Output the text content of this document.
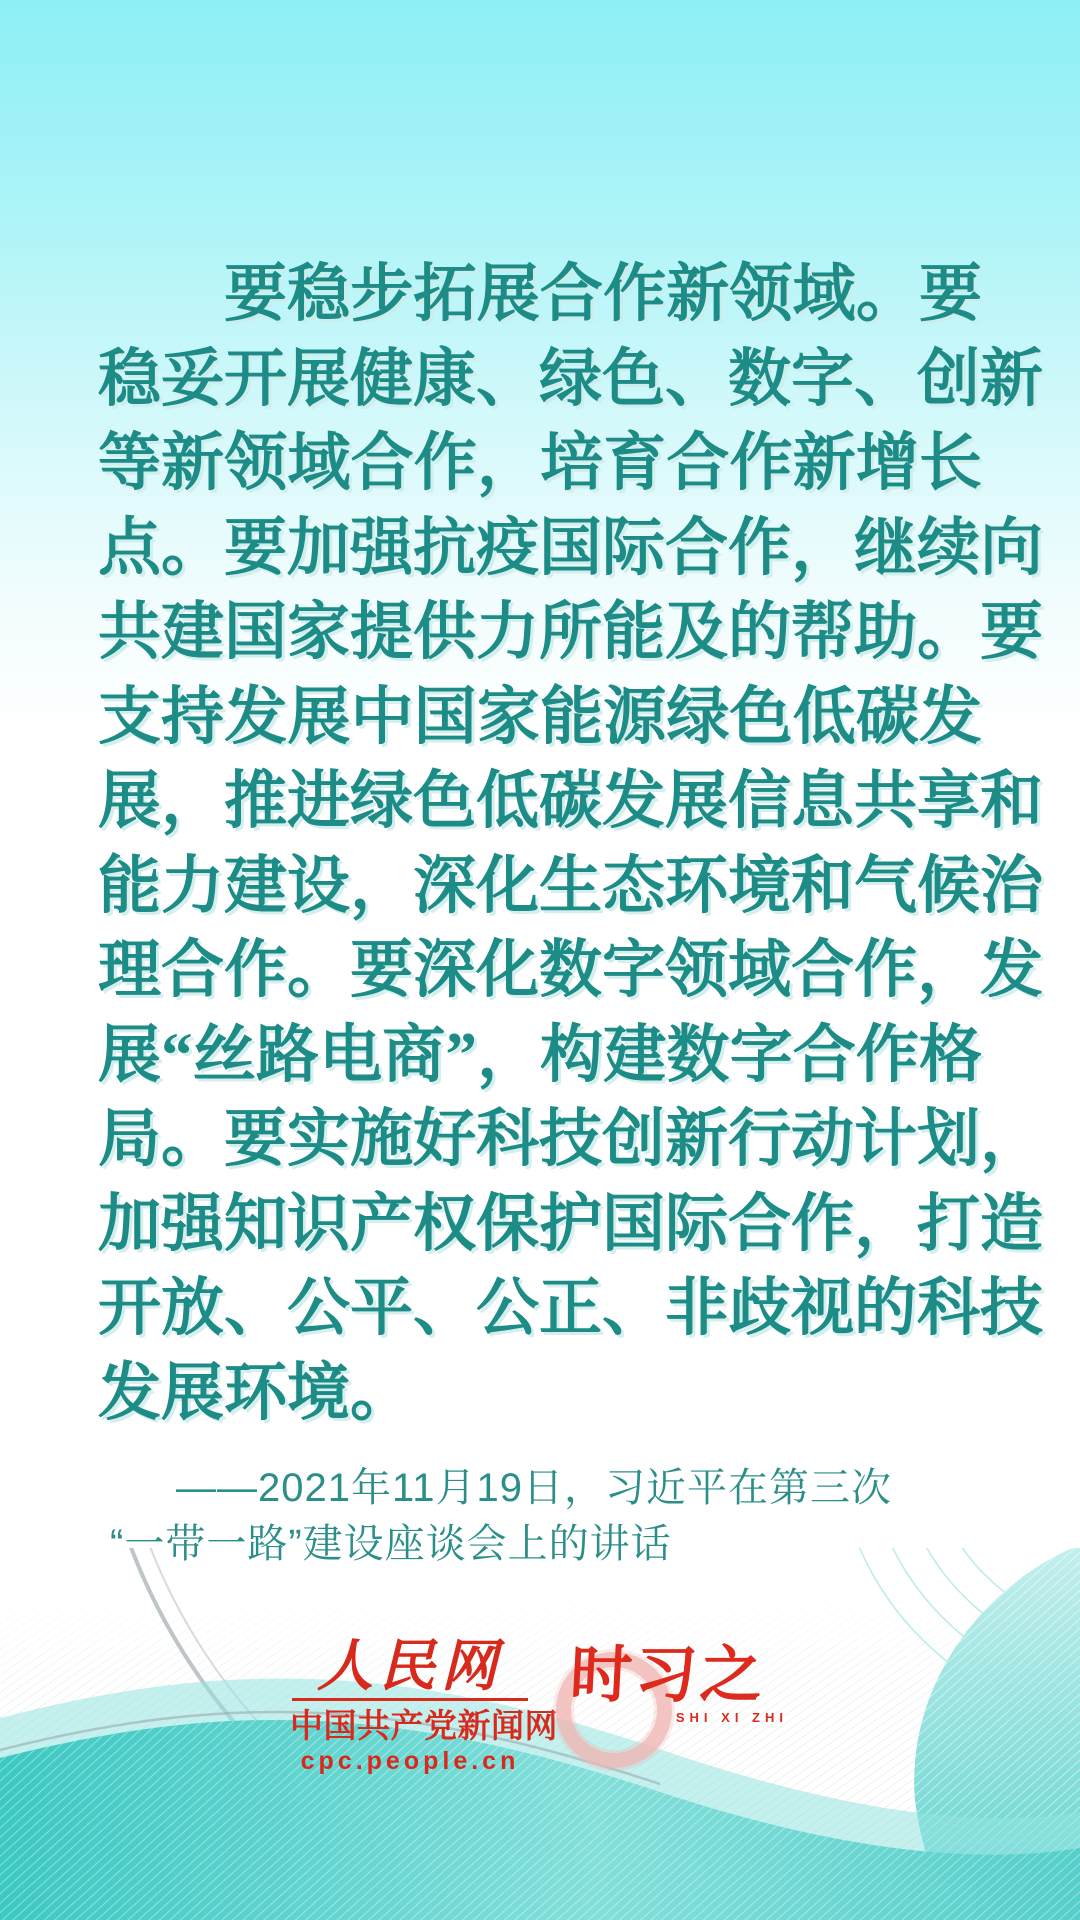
要稳步拓展合作新领域。要
稳妥开展健康、绿色、数字、创新
等新领域合作，培育合作新增长
点。要加强抗疫国际合作，继续向
共建国家提供力所能及的帮助。要
支持发展中国家能源绿色低碳发
展，推进绿色低碳发展信息共享和
能力建设，深化生态环境和气候治
理合作。要深化数字领域合作，发
展“丝路电商”，构建数字合作格
局。要实施好科技创新行动计划，
加强知识产权保护国际合作，打造
开放、公平、公正、非歧视的科技
发展环境。
——2021年11月19日，习近平在第三次
“一带一路”建设座谈会上的讲话
人民网
中国共产党新闻网
cpc.people.cn
时习之
SHI XI ZHI
